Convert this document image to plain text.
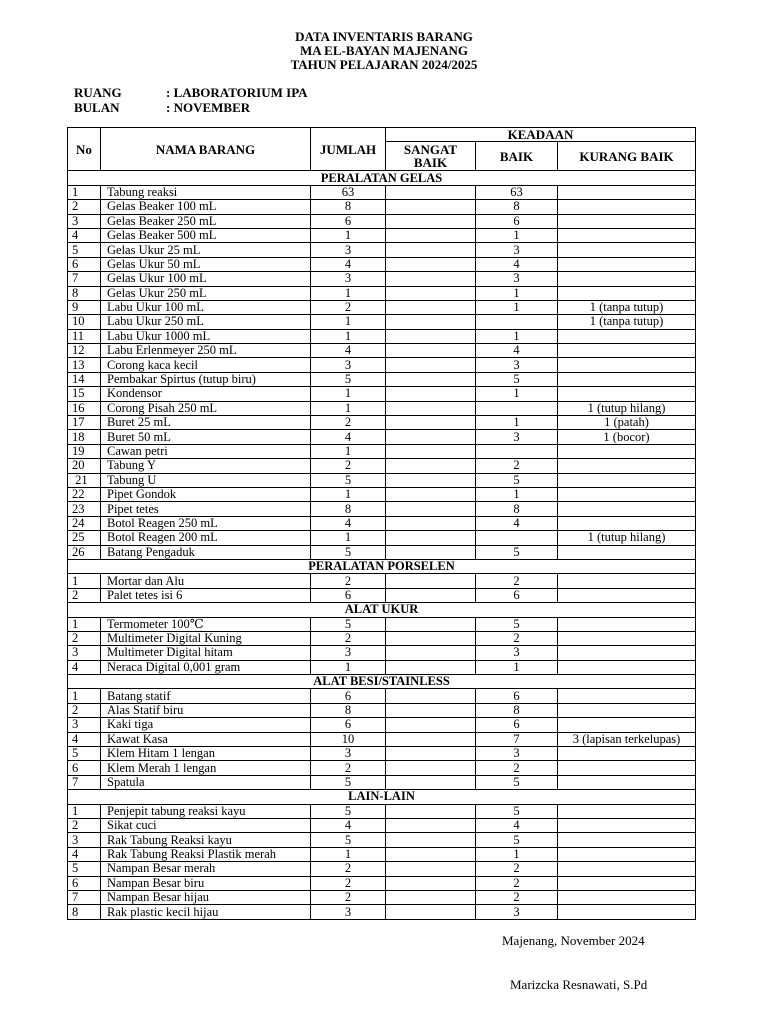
DATA INVENTARIS BARANG
MA EL-BAYAN MAJENANG
TAHUN PELAJARAN 2024/2025
RUANG	: LABORATORIUM IPA
BULAN	: NOVEMBER
No	NAMA BARANG	JUMLAH	KEADAAN		
			SANGAT BAIK	BAIK	KURANG BAIK
PERALATAN GELAS					
1	Tabung reaksi	63		63	
2	Gelas Beaker 100 mL	8		8	
3	Gelas Beaker 250 mL	6		6	
4	Gelas Beaker 500 mL	1		1	
5	Gelas Ukur 25 mL	3		3	
6	Gelas Ukur 50 mL	4		4	
7	Gelas Ukur 100 mL	3		3	
8	Gelas Ukur 250 mL	1		1	
9	Labu Ukur 100 mL	2		1	1 (tanpa tutup)
10	Labu Ukur 250 mL	1			1 (tanpa tutup)
11	Labu Ukur 1000 mL	1		1	
12	Labu Erlenmeyer 250 mL	4		4	
13	Corong kaca kecil	3		3	
14	Pembakar Spirtus (tutup biru)	5		5	
15	Kondensor	1		1	
16	Corong Pisah 250 mL	1			1 (tutup hilang)
17	Buret 25 mL	2		1	1 (patah)
18	Buret 50 mL	4		3	1 (bocor)
19	Cawan petri	1			
20	Tabung Y	2		2	
21	Tabung U	5		5	
22	Pipet Gondok	1		1	
23	Pipet tetes	8		8	
24	Botol Reagen 250 mL	4		4	
25	Botol Reagen 200 mL	1			1 (tutup hilang)
26	Batang Pengaduk	5		5	
PERALATAN PORSELEN					
1	Mortar dan Alu	2		2	
2	Palet tetes isi 6	6		6	
ALAT UKUR					
1	Termometer 100℃	5		5	
2	Multimeter Digital Kuning	2		2	
3	Multimeter Digital hitam	3		3	
4	Neraca Digital 0,001 gram	1		1	
ALAT BESI/STAINLESS					
1	Batang statif	6		6	
2	Alas Statif biru	8		8	
3	Kaki tiga	6		6	
4	Kawat Kasa	10		7	3 (lapisan terkelupas)
5	Klem Hitam 1 lengan	3		3	
6	Klem Merah 1 lengan	2		2	
7	Spatula	5		5	
LAIN-LAIN					
1	Penjepit tabung reaksi kayu	5		5	
2	Sikat cuci	4		4	
3	Rak Tabung Reaksi kayu	5		5	
4	Rak Tabung Reaksi Plastik merah	1		1	
5	Nampan Besar merah	2		2	
6	Nampan Besar biru	2		2	
7	Nampan Besar hijau	2		2	
8	Rak plastic kecil hijau	3		3	
Majenang, November 2024
Marizcka Resnawati, S.Pd
